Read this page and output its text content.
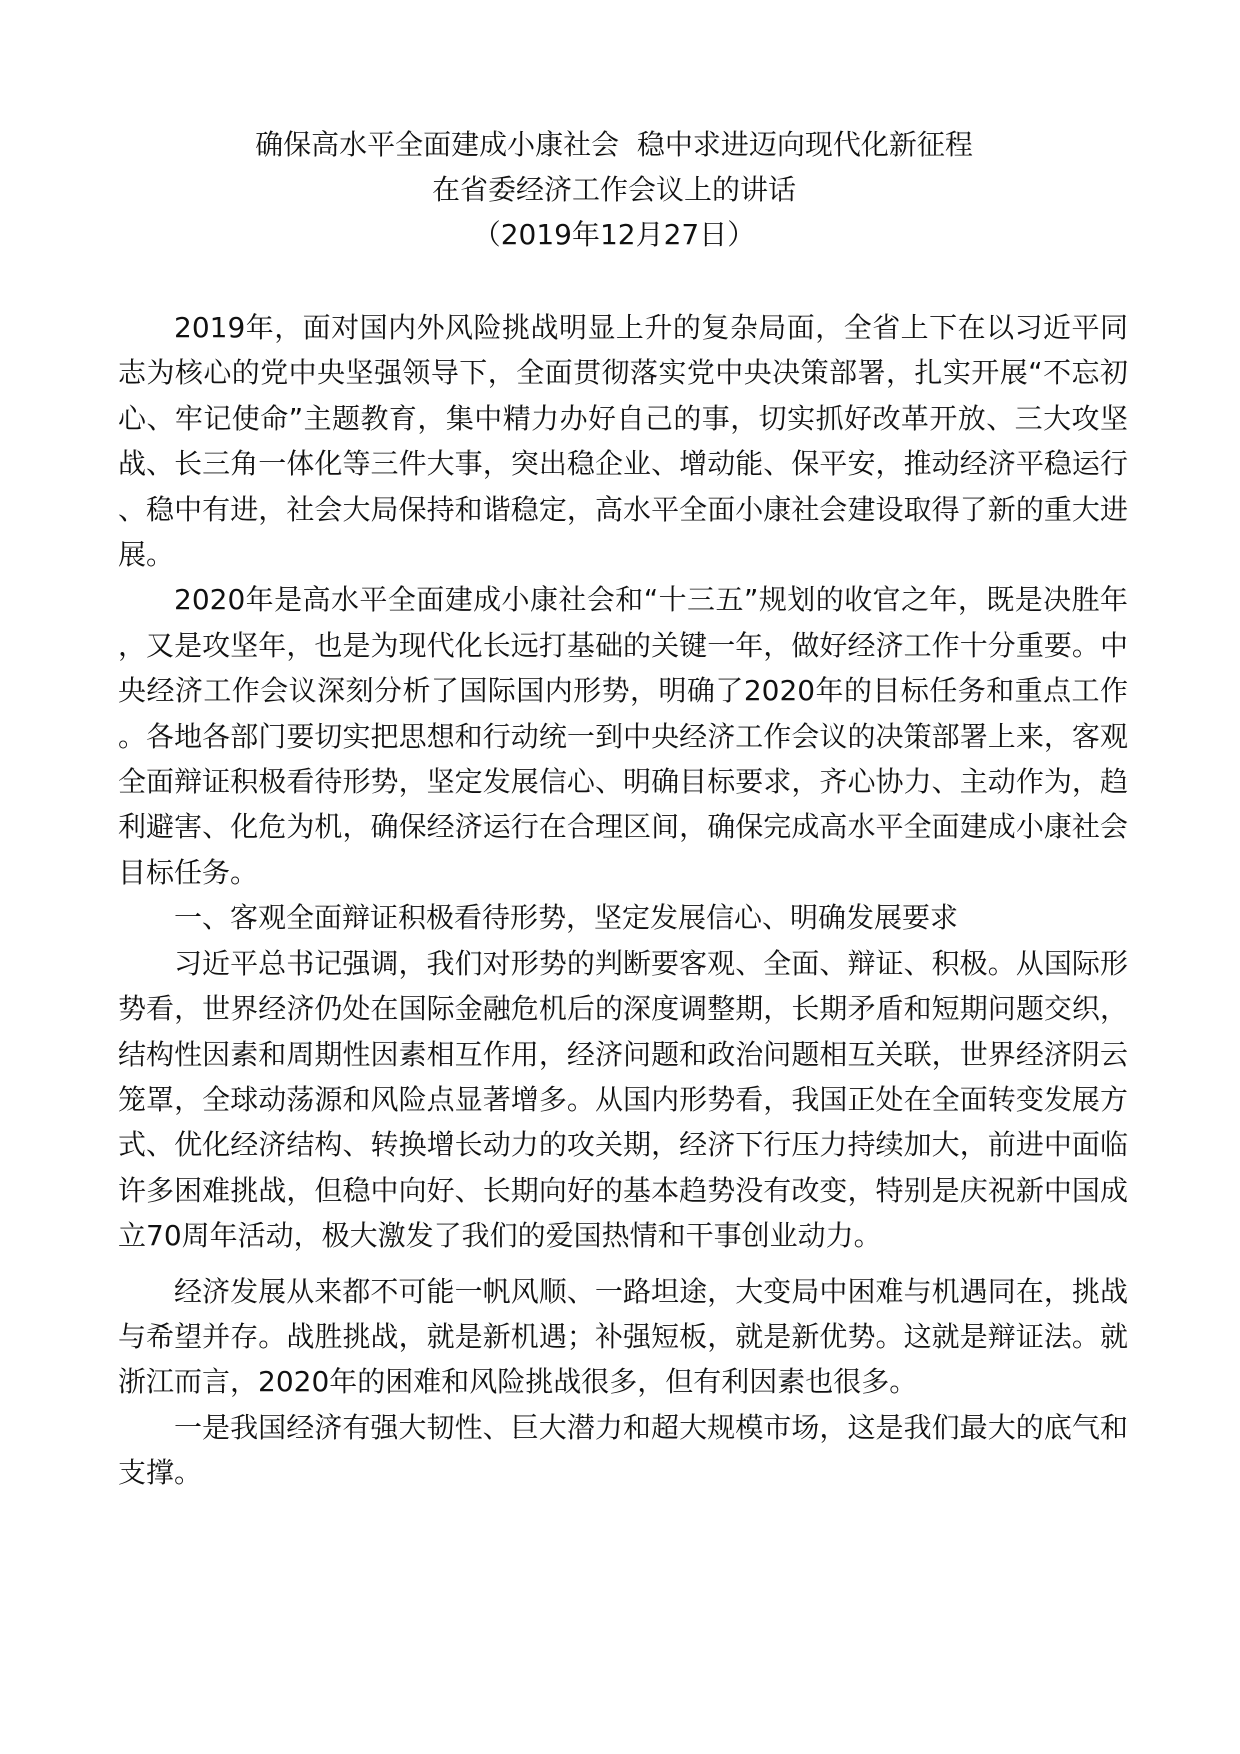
确保高水平全面建成小康社会  稳中求进迈向现代化新征程
在省委经济工作会议上的讲话
（2019年12月27日）

2019年，面对国内外风险挑战明显上升的复杂局面，全省上下在以习近平同志为核心的党中央坚强领导下，全面贯彻落实党中央决策部署，扎实开展“不忘初心、牢记使命”主题教育，集中精力办好自己的事，切实抓好改革开放、三大攻坚战、长三角一体化等三件大事，突出稳企业、增动能、保平安，推动经济平稳运行、稳中有进，社会大局保持和谐稳定，高水平全面小康社会建设取得了新的重大进展。

2020年是高水平全面建成小康社会和“十三五”规划的收官之年，既是决胜年，又是攻坚年，也是为现代化长远打基础的关键一年，做好经济工作十分重要。中央经济工作会议深刻分析了国际国内形势，明确了2020年的目标任务和重点工作。各地各部门要切实把思想和行动统一到中央经济工作会议的决策部署上来，客观全面辩证积极看待形势，坚定发展信心、明确目标要求，齐心协力、主动作为，趋利避害、化危为机，确保经济运行在合理区间，确保完成高水平全面建成小康社会目标任务。

一、客观全面辩证积极看待形势，坚定发展信心、明确发展要求

习近平总书记强调，我们对形势的判断要客观、全面、辩证、积极。从国际形势看，世界经济仍处在国际金融危机后的深度调整期，长期矛盾和短期问题交织，结构性因素和周期性因素相互作用，经济问题和政治问题相互关联，世界经济阴云笼罩，全球动荡源和风险点显著增多。从国内形势看，我国正处在全面转变发展方式、优化经济结构、转换增长动力的攻关期，经济下行压力持续加大，前进中面临许多困难挑战，但稳中向好、长期向好的基本趋势没有改变，特别是庆祝新中国成立70周年活动，极大激发了我们的爱国热情和干事创业动力。

经济发展从来都不可能一帆风顺、一路坦途，大变局中困难与机遇同在，挑战与希望并存。战胜挑战，就是新机遇；补强短板，就是新优势。这就是辩证法。就浙江而言，2020年的困难和风险挑战很多，但有利因素也很多。

一是我国经济有强大韧性、巨大潜力和超大规模市场，这是我们最大的底气和支撑。
